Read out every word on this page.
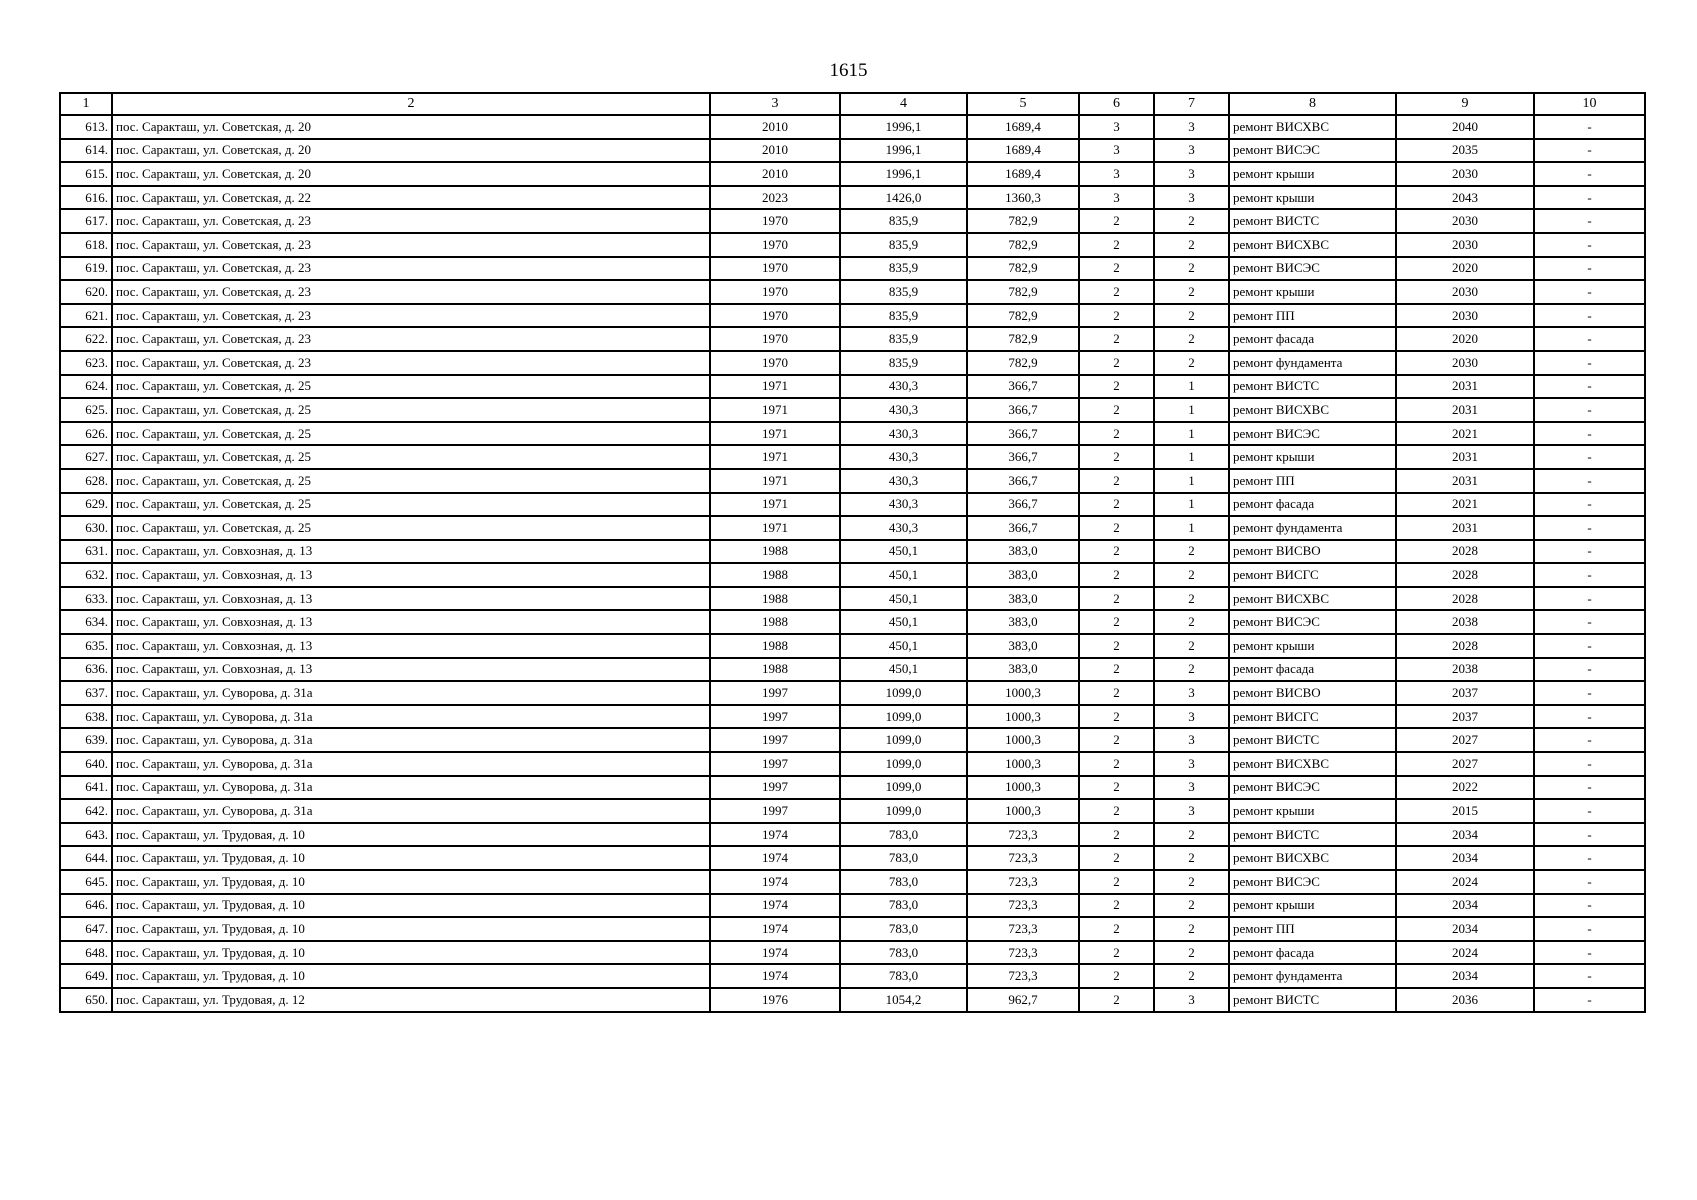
1615
1	2	3	4	5	6	7	8	9	10
613.	пос. Саракташ, ул. Советская, д. 20	2010	1996,1	1689,4	3	3	ремонт ВИСХВС	2040	-
614.	пос. Саракташ, ул. Советская, д. 20	2010	1996,1	1689,4	3	3	ремонт ВИСЭС	2035	-
615.	пос. Саракташ, ул. Советская, д. 20	2010	1996,1	1689,4	3	3	ремонт крыши	2030	-
616.	пос. Саракташ, ул. Советская, д. 22	2023	1426,0	1360,3	3	3	ремонт крыши	2043	-
617.	пос. Саракташ, ул. Советская, д. 23	1970	835,9	782,9	2	2	ремонт ВИСТС	2030	-
618.	пос. Саракташ, ул. Советская, д. 23	1970	835,9	782,9	2	2	ремонт ВИСХВС	2030	-
619.	пос. Саракташ, ул. Советская, д. 23	1970	835,9	782,9	2	2	ремонт ВИСЭС	2020	-
620.	пос. Саракташ, ул. Советская, д. 23	1970	835,9	782,9	2	2	ремонт крыши	2030	-
621.	пос. Саракташ, ул. Советская, д. 23	1970	835,9	782,9	2	2	ремонт ПП	2030	-
622.	пос. Саракташ, ул. Советская, д. 23	1970	835,9	782,9	2	2	ремонт фасада	2020	-
623.	пос. Саракташ, ул. Советская, д. 23	1970	835,9	782,9	2	2	ремонт фундамента	2030	-
624.	пос. Саракташ, ул. Советская, д. 25	1971	430,3	366,7	2	1	ремонт ВИСТС	2031	-
625.	пос. Саракташ, ул. Советская, д. 25	1971	430,3	366,7	2	1	ремонт ВИСХВС	2031	-
626.	пос. Саракташ, ул. Советская, д. 25	1971	430,3	366,7	2	1	ремонт ВИСЭС	2021	-
627.	пос. Саракташ, ул. Советская, д. 25	1971	430,3	366,7	2	1	ремонт крыши	2031	-
628.	пос. Саракташ, ул. Советская, д. 25	1971	430,3	366,7	2	1	ремонт ПП	2031	-
629.	пос. Саракташ, ул. Советская, д. 25	1971	430,3	366,7	2	1	ремонт фасада	2021	-
630.	пос. Саракташ, ул. Советская, д. 25	1971	430,3	366,7	2	1	ремонт фундамента	2031	-
631.	пос. Саракташ, ул. Совхозная, д. 13	1988	450,1	383,0	2	2	ремонт ВИСВО	2028	-
632.	пос. Саракташ, ул. Совхозная, д. 13	1988	450,1	383,0	2	2	ремонт ВИСГС	2028	-
633.	пос. Саракташ, ул. Совхозная, д. 13	1988	450,1	383,0	2	2	ремонт ВИСХВС	2028	-
634.	пос. Саракташ, ул. Совхозная, д. 13	1988	450,1	383,0	2	2	ремонт ВИСЭС	2038	-
635.	пос. Саракташ, ул. Совхозная, д. 13	1988	450,1	383,0	2	2	ремонт крыши	2028	-
636.	пос. Саракташ, ул. Совхозная, д. 13	1988	450,1	383,0	2	2	ремонт фасада	2038	-
637.	пос. Саракташ, ул. Суворова, д. 31а	1997	1099,0	1000,3	2	3	ремонт ВИСВО	2037	-
638.	пос. Саракташ, ул. Суворова, д. 31а	1997	1099,0	1000,3	2	3	ремонт ВИСГС	2037	-
639.	пос. Саракташ, ул. Суворова, д. 31а	1997	1099,0	1000,3	2	3	ремонт ВИСТС	2027	-
640.	пос. Саракташ, ул. Суворова, д. 31а	1997	1099,0	1000,3	2	3	ремонт ВИСХВС	2027	-
641.	пос. Саракташ, ул. Суворова, д. 31а	1997	1099,0	1000,3	2	3	ремонт ВИСЭС	2022	-
642.	пос. Саракташ, ул. Суворова, д. 31а	1997	1099,0	1000,3	2	3	ремонт крыши	2015	-
643.	пос. Саракташ, ул. Трудовая, д. 10	1974	783,0	723,3	2	2	ремонт ВИСТС	2034	-
644.	пос. Саракташ, ул. Трудовая, д. 10	1974	783,0	723,3	2	2	ремонт ВИСХВС	2034	-
645.	пос. Саракташ, ул. Трудовая, д. 10	1974	783,0	723,3	2	2	ремонт ВИСЭС	2024	-
646.	пос. Саракташ, ул. Трудовая, д. 10	1974	783,0	723,3	2	2	ремонт крыши	2034	-
647.	пос. Саракташ, ул. Трудовая, д. 10	1974	783,0	723,3	2	2	ремонт ПП	2034	-
648.	пос. Саракташ, ул. Трудовая, д. 10	1974	783,0	723,3	2	2	ремонт фасада	2024	-
649.	пос. Саракташ, ул. Трудовая, д. 10	1974	783,0	723,3	2	2	ремонт фундамента	2034	-
650.	пос. Саракташ, ул. Трудовая, д. 12	1976	1054,2	962,7	2	3	ремонт ВИСТС	2036	-
